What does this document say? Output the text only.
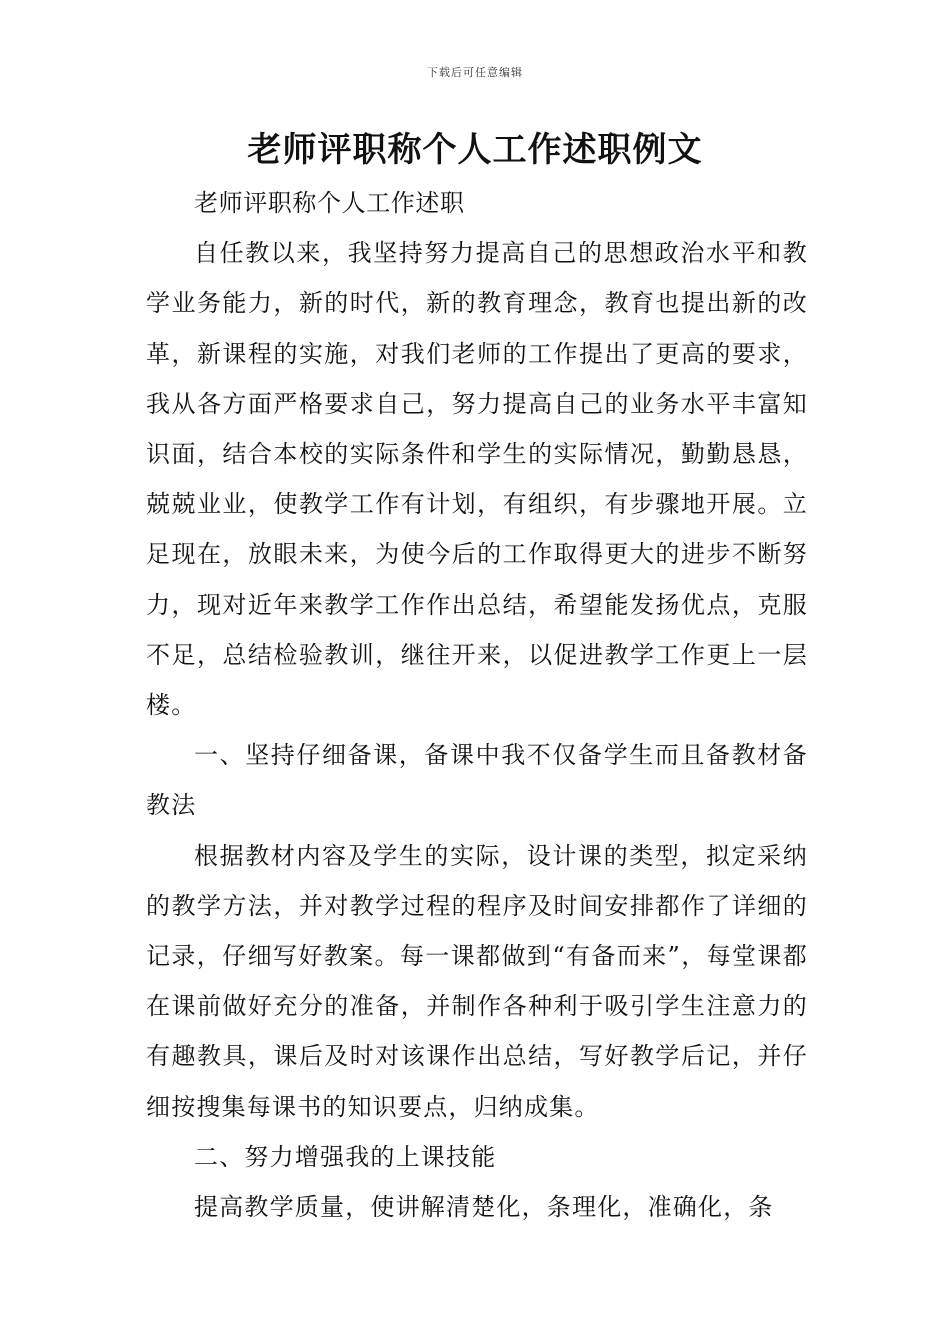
下载后可任意编辑
老师评职称个人工作述职例文

老师评职称个人工作述职

自任教以来，我坚持努力提高自己的思想政治水平和教学业务能力，新的时代，新的教育理念，教育也提出新的改革，新课程的实施，对我们老师的工作提出了更高的要求，我从各方面严格要求自己，努力提高自己的业务水平丰富知识面，结合本校的实际条件和学生的实际情况，勤勤恳恳，兢兢业业，使教学工作有计划，有组织，有步骤地开展。立足现在，放眼未来，为使今后的工作取得更大的进步不断努力，现对近年来教学工作作出总结，希望能发扬优点，克服不足，总结检验教训，继往开来，以促进教学工作更上一层楼。

一、坚持仔细备课，备课中我不仅备学生而且备教材备教法

根据教材内容及学生的实际，设计课的类型，拟定采纳的教学方法，并对教学过程的程序及时间安排都作了详细的记录，仔细写好教案。每一课都做到“有备而来”，每堂课都在课前做好充分的准备，并制作各种利于吸引学生注意力的有趣教具，课后及时对该课作出总结，写好教学后记，并仔细按搜集每课书的知识要点，归纳成集。

二、努力增强我的上课技能

提高教学质量，使讲解清楚化，条理化，准确化，条
